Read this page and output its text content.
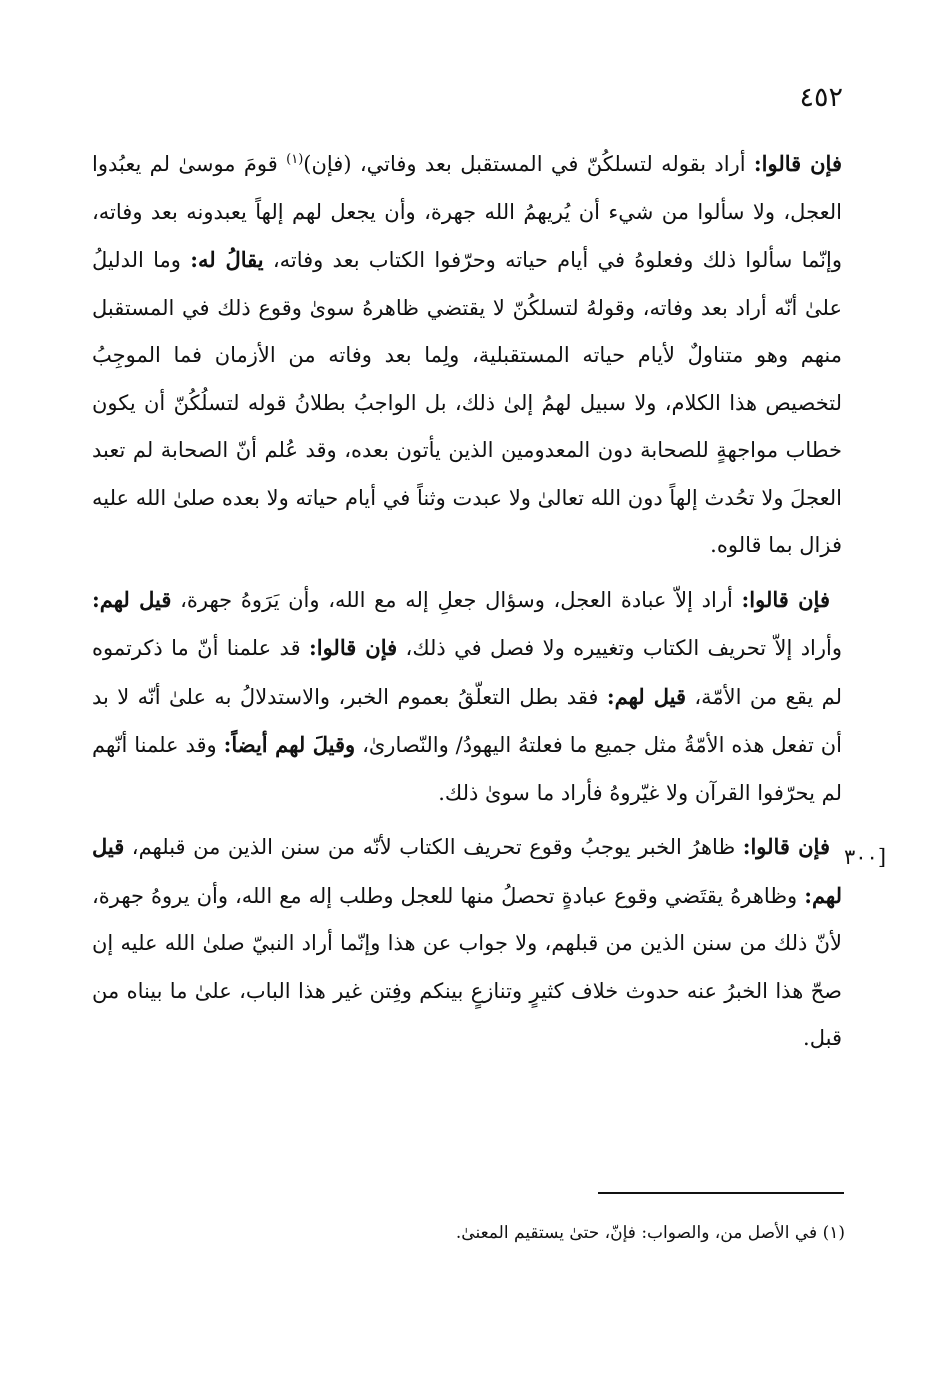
٤٥٢

فإن قالوا: أراد بقوله لتسلكُنّ في المستقبل بعد وفاتي، (فإن)$^{(١)}$ قومَ موسىٰ لم يعبُدوا العجل، ولا سألوا من شيء أن يُريهمُ الله جهرة، وأن يجعل لهم إلهاً يعبدونه بعد وفاته، وإنّما سألوا ذلك وفعلوهُ في أيام حياته وحرّفوا الكتاب بعد وفاته، يقالُ له: وما الدليلُ علىٰ أنّه أراد بعد وفاته، وقولهُ لتسلكُنّ لا يقتضي ظاهرهُ سوىٰ وقوع ذلك في المستقبل منهم وهو متناولٌ لأيام حياته المستقبلية، ولِما بعد وفاته من الأزمان فما الموجِبُ لتخصيص هذا الكلام، ولا سبيل لهمُ إلىٰ ذلك، بل الواجبُ بطلانُ قوله لتسلُكُنّ أن يكون خطاب مواجهةٍ للصحابة دون المعدومين الذين يأتون بعده، وقد عُلم أنّ الصحابة لم تعبد العجلَ ولا تحُدث إلهاً دون الله تعالىٰ ولا عبدت وثناً في أيام حياته ولا بعده صلىٰ الله عليه فزال بما قالوه.

فإن قالوا: أراد إلاّ عبادة العجل، وسؤال جعلِ إله مع الله، وأن يَرَوهُ جهرة، قيل لهم: وأراد إلاّ تحريف الكتاب وتغييره ولا فصل في ذلك، فإن قالوا: قد علمنا أنّ ما ذكرتموه لم يقع من الأمّة، قيل لهم: فقد بطل التعلّقُ بعموم الخبر، والاستدلالُ به علىٰ أنّه لا بد أن تفعل هذه الأمّةُ مثل جميع ما فعلتهُ اليهودُ/ والنّصارىٰ، وقيلَ لهم أيضاً: وقد علمنا أنّهم لم يحرّفوا القرآن ولا غيّروهُ فأراد ما سوىٰ ذلك.

فإن قالوا: ظاهرُ الخبر يوجبُ وقوع تحريف الكتاب لأنّه من سنن الذين من قبلهم، قيل لهم: وظاهرهُ يقتَضي وقوع عبادةٍ تحصلُ منها للعجل وطلب إله مع الله، وأن يروهُ جهرة، لأنّ ذلك من سنن الذين من قبلهم، ولا جواب عن هذا وإنّما أراد النبيّ صلىٰ الله عليه إن صحّ هذا الخبرُ عنه حدوث خلاف كثيرٍ وتنازعٍ بينكم وفِتن غير هذا الباب، علىٰ ما بيناه من قبل.

[٣٠٠
(١) في الأصل من، والصواب: فإنّ، حتىٰ يستقيم المعنىٰ.
